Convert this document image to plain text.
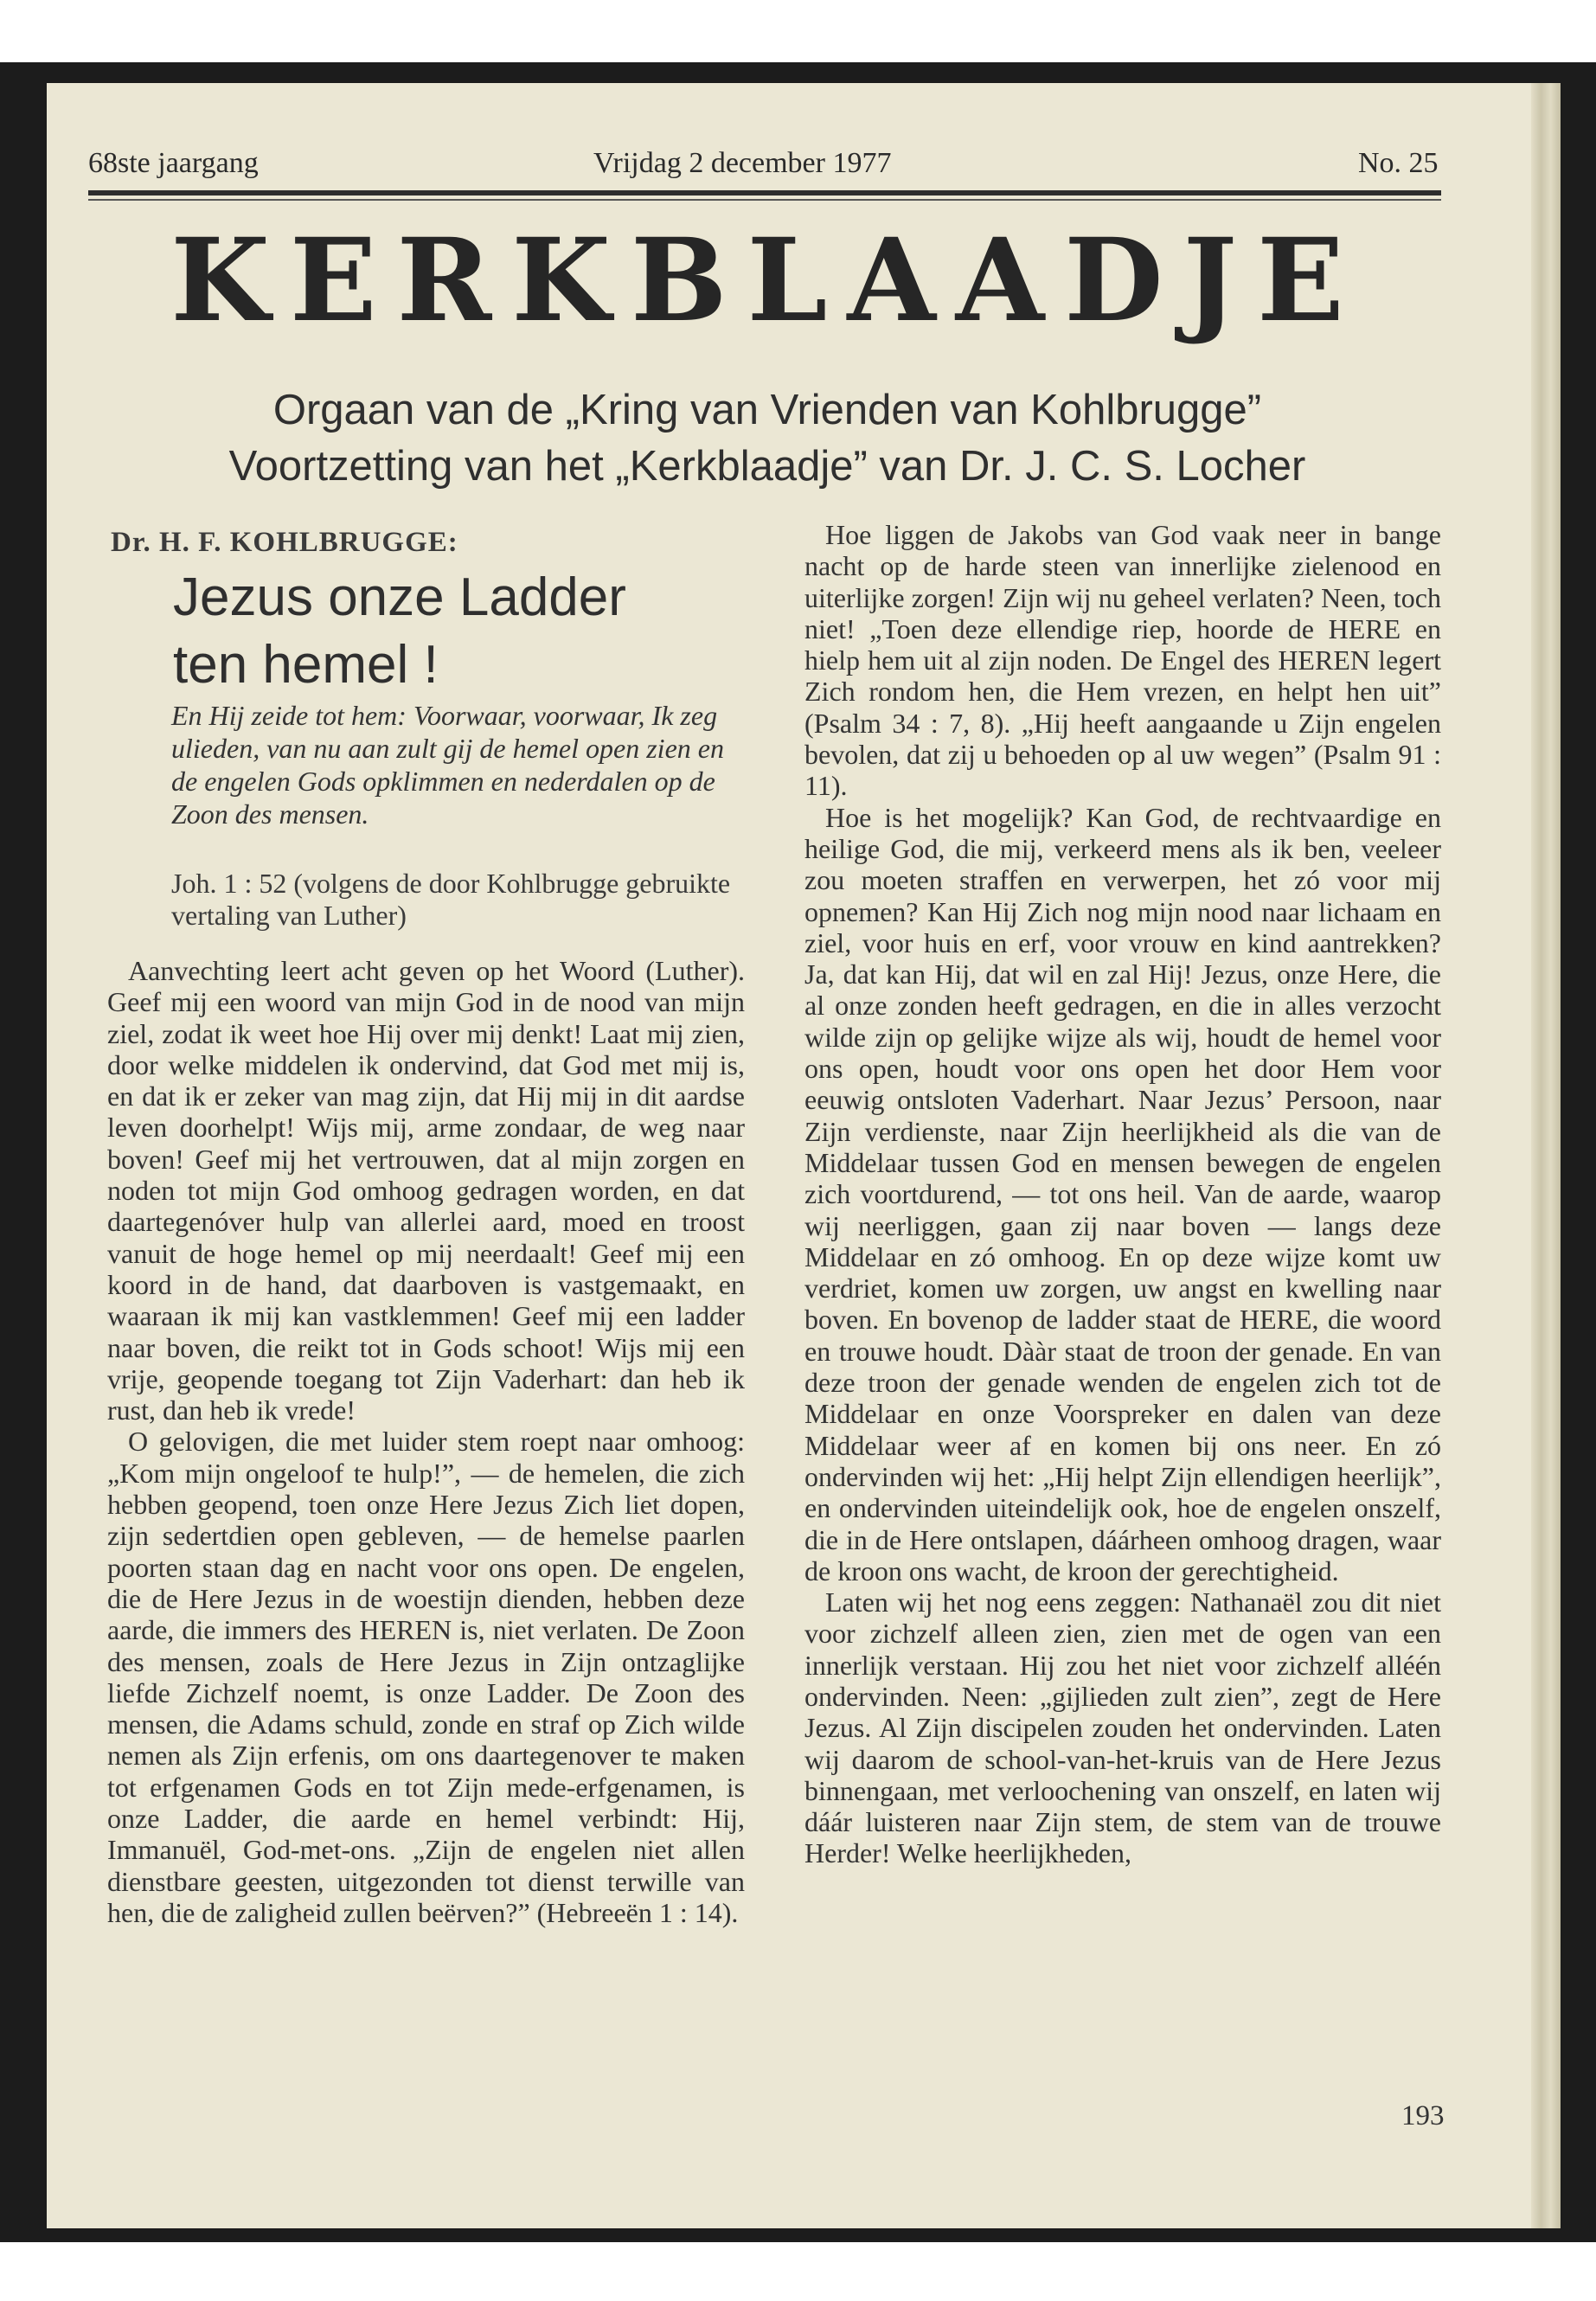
68ste jaargang	Vrijdag 2 december 1977	No. 25
KERKBLAADJE
Orgaan van de „Kring van Vrienden van Kohlbrugge”
Voortzetting van het „Kerkblaadje” van Dr. J. C. S. Locher
Dr. H. F. KOHLBRUGGE:
Jezus onze Ladder
ten hemel !

En Hij zeide tot hem: Voorwaar, voorwaar, Ik zeg ulieden, van nu aan zult gij de hemel open zien en de engelen Gods opklimmen en nederdalen op de Zoon des mensen.

Joh. 1 : 52 (volgens de door Kohlbrugge gebruikte vertaling van Luther)

Aanvechting leert acht geven op het Woord (Luther). Geef mij een woord van mijn God in de nood van mijn ziel, zodat ik weet hoe Hij over mij denkt! Laat mij zien, door welke middelen ik ondervind, dat God met mij is, en dat ik er zeker van mag zijn, dat Hij mij in dit aardse leven doorhelpt! Wijs mij, arme zondaar, de weg naar boven! Geef mij het vertrouwen, dat al mijn zorgen en noden tot mijn God omhoog gedragen worden, en dat daartegenóver hulp van allerlei aard, moed en troost vanuit de hoge hemel op mij neerdaalt! Geef mij een koord in de hand, dat daarboven is vastgemaakt, en waaraan ik mij kan vastklemmen! Geef mij een ladder naar boven, die reikt tot in Gods schoot! Wijs mij een vrije, geopende toegang tot Zijn Vaderhart: dan heb ik rust, dan heb ik vrede!

O gelovigen, die met luider stem roept naar omhoog: „Kom mijn ongeloof te hulp!”, — de hemelen, die zich hebben geopend, toen onze Here Jezus Zich liet dopen, zijn sedertdien open gebleven, — de hemelse paarlen poorten staan dag en nacht voor ons open. De engelen, die de Here Jezus in de woestijn dienden, hebben deze aarde, die immers des HEREN is, niet verlaten. De Zoon des mensen, zoals de Here Jezus in Zijn ontzaglijke liefde Zichzelf noemt, is onze Ladder. De Zoon des mensen, die Adams schuld, zonde en straf op Zich wilde nemen als Zijn erfenis, om ons daartegenover te maken tot erfgenamen Gods en tot Zijn mede-erfgenamen, is onze Ladder, die aarde en hemel verbindt: Hij, Immanuël, God-met-ons. „Zijn de engelen niet allen dienstbare geesten, uitgezonden tot dienst terwille van hen, die de zaligheid zullen beërven?” (Hebreeën 1 : 14).

Hoe liggen de Jakobs van God vaak neer in bange nacht op de harde steen van innerlijke zielenood en uiterlijke zorgen! Zijn wij nu geheel verlaten? Neen, toch niet! „Toen deze ellendige riep, hoorde de HERE en hielp hem uit al zijn noden. De Engel des HEREN legert Zich rondom hen, die Hem vrezen, en helpt hen uit” (Psalm 34 : 7, 8). „Hij heeft aangaande u Zijn engelen bevolen, dat zij u behoeden op al uw wegen” (Psalm 91 : 11).

Hoe is het mogelijk? Kan God, de rechtvaardige en heilige God, die mij, verkeerd mens als ik ben, veeleer zou moeten straffen en verwerpen, het zó voor mij opnemen? Kan Hij Zich nog mijn nood naar lichaam en ziel, voor huis en erf, voor vrouw en kind aantrekken? Ja, dat kan Hij, dat wil en zal Hij! Jezus, onze Here, die al onze zonden heeft gedragen, en die in alles verzocht wilde zijn op gelijke wijze als wij, houdt de hemel voor ons open, houdt voor ons open het door Hem voor eeuwig ontsloten Vaderhart. Naar Jezus’ Persoon, naar Zijn verdienste, naar Zijn heerlijkheid als die van de Middelaar tussen God en mensen bewegen de engelen zich voortdurend, — tot ons heil. Van de aarde, waarop wij neerliggen, gaan zij naar boven — langs deze Middelaar en zó omhoog. En op deze wijze komt uw verdriet, komen uw zorgen, uw angst en kwelling naar boven. En bovenop de ladder staat de HERE, die woord en trouwe houdt. Dààr staat de troon der genade. En van deze troon der genade wenden de engelen zich tot de Middelaar en onze Voorspreker en dalen van deze Middelaar weer af en komen bij ons neer. En zó ondervinden wij het: „Hij helpt Zijn ellendigen heerlijk”, en ondervinden uiteindelijk ook, hoe de engelen onszelf, die in de Here ontslapen, dáárheen omhoog dragen, waar de kroon ons wacht, de kroon der gerechtigheid.

Laten wij het nog eens zeggen: Nathanaël zou dit niet voor zichzelf alleen zien, zien met de ogen van een innerlijk verstaan. Hij zou het niet voor zichzelf alléén ondervinden. Neen: „gijlieden zult zien”, zegt de Here Jezus. Al Zijn discipelen zouden het ondervinden. Laten wij daarom de school-van-het-kruis van de Here Jezus binnengaan, met verloochening van onszelf, en laten wij dáár luisteren naar Zijn stem, de stem van de trouwe Herder! Welke heerlijkheden,

193
